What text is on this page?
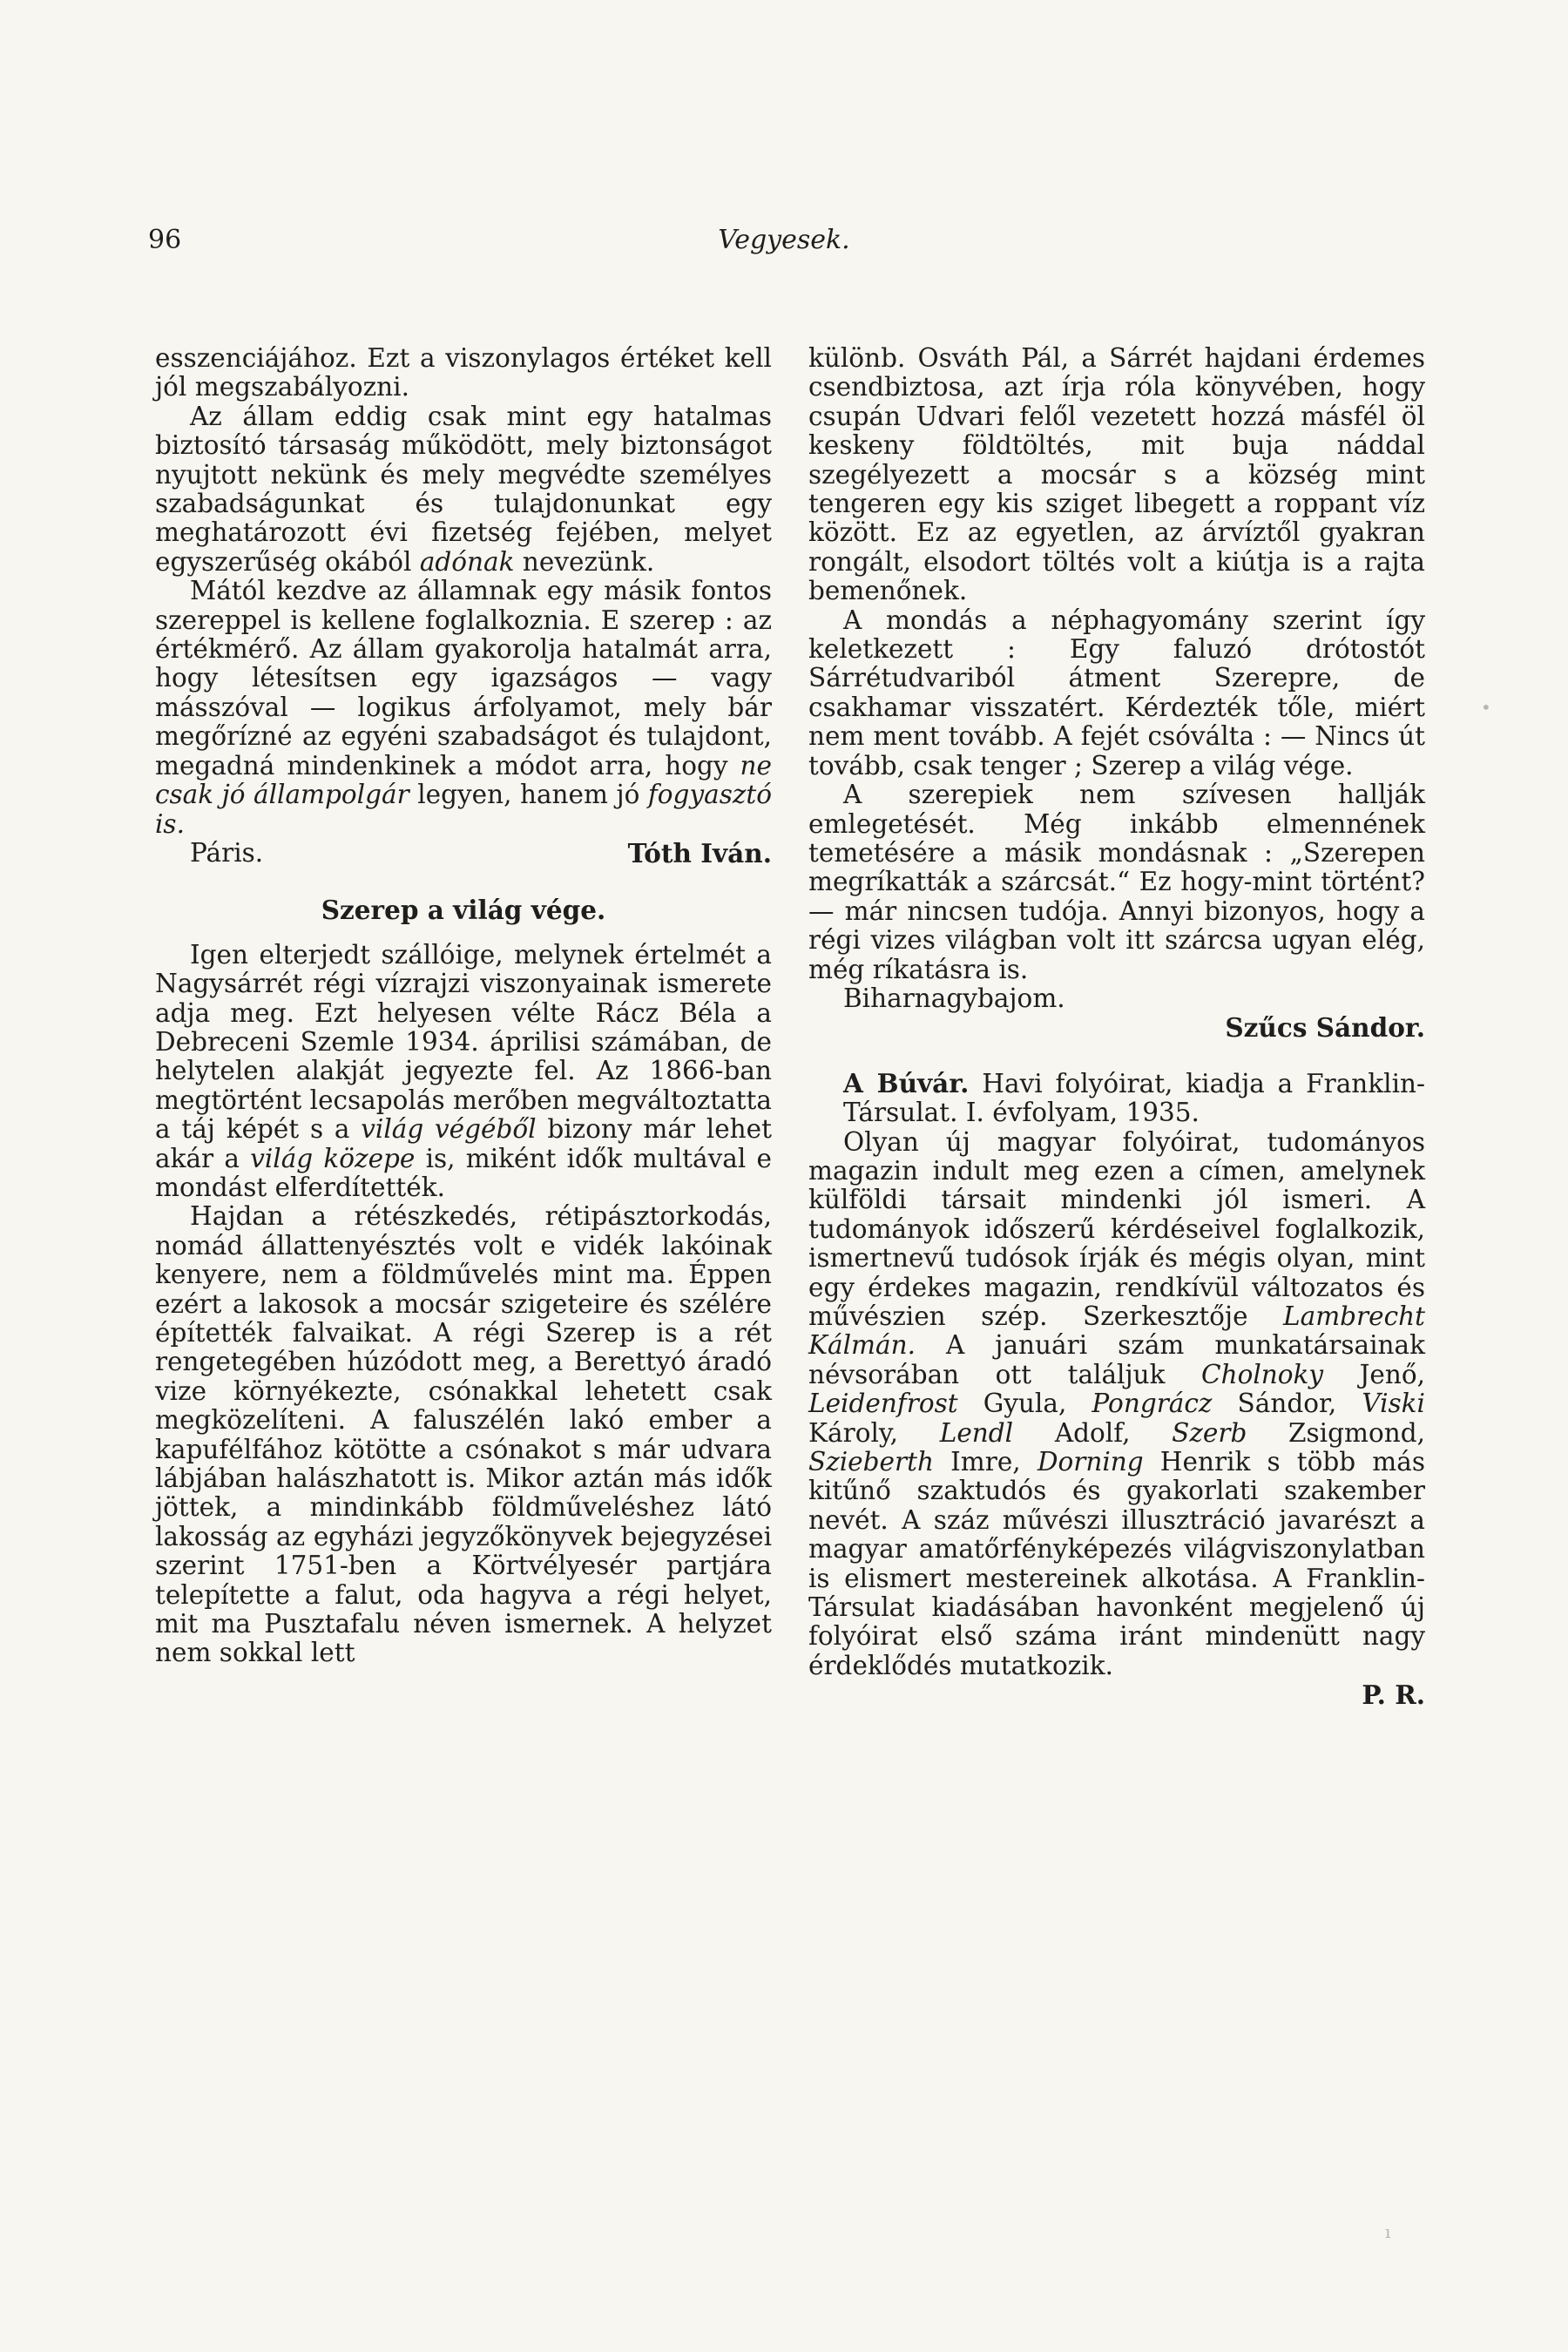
96	Vegyesek.

esszenciájához. Ezt a viszonylagos értéket kell jól megszabályozni.

Az állam eddig csak mint egy hatalmas biztosító társaság működött, mely biztonságot nyujtott nekünk és mely megvédte személyes szabadságunkat és tulajdonunkat egy meghatározott évi fizetség fejében, melyet egyszerűség okából adónak nevezünk.

Mától kezdve az államnak egy másik fontos szereppel is kellene foglalkoznia. E szerep : az értékmérő. Az állam gyakorolja hatalmát arra, hogy létesítsen egy igazságos — vagy másszóval — logikus árfolyamot, mely bár megőrízné az egyéni szabadságot és tulajdont, megadná mindenkinek a módot arra, hogy ne csak jó állampolgár legyen, hanem jó fogyasztó is.

Páris.	Tóth Iván.
Szerep a világ vége.

Igen elterjedt szállóige, melynek értelmét a Nagysárrét régi vízrajzi viszonyainak ismerete adja meg. Ezt helyesen vélte Rácz Béla a Debreceni Szemle 1934. áprilisi számában, de helytelen alakját jegyezte fel. Az 1866-ban megtörtént lecsapolás merőben megváltoztatta a táj képét s a világ végéből bizony már lehet akár a világ közepe is, miként idők multával e mondást elferdítették.

Hajdan a rétészkedés, rétipásztorkodás, nomád állattenyésztés volt e vidék lakóinak kenyere, nem a földművelés mint ma. Éppen ezért a lakosok a mocsár szigeteire és szélére építették falvaikat. A régi Szerep is a rét rengetegében húzódott meg, a Berettyó áradó vize környékezte, csónakkal lehetett csak megközelíteni. A faluszélén lakó ember a kapufélfához kötötte a csónakot s már udvara lábjában halászhatott is. Mikor aztán más idők jöttek, a mindinkább földműveléshez látó lakosság az egyházi jegyzőkönyvek bejegyzései szerint 1751-ben a Körtvélyesér partjára telepítette a falut, oda hagyva a régi helyet, mit ma Pusztafalu néven ismernek. A helyzet nem sokkal lett

különb. Osváth Pál, a Sárrét hajdani érdemes csendbiztosa, azt írja róla könyvében, hogy csupán Udvari felől vezetett hozzá másfél öl keskeny földtöltés, mit buja náddal szegélyezett a mocsár s a község mint tengeren egy kis sziget libegett a roppant víz között. Ez az egyetlen, az árvíztől gyakran rongált, elsodort töltés volt a kiútja is a rajta bemenőnek.

A mondás a néphagyomány szerint így keletkezett : Egy faluzó drótostót Sárrétudvariból átment Szerepre, de csakhamar visszatért. Kérdezték tőle, miért nem ment tovább. A fejét csóválta : — Nincs út tovább, csak tenger ; Szerep a világ vége.

A szerepiek nem szívesen hallják emlegetését. Még inkább elmennének temetésére a másik mondásnak : „Szerepen megríkatták a szárcsát.“ Ez hogy-mint történt? — már nincsen tudója. Annyi bizonyos, hogy a régi vizes világban volt itt szárcsa ugyan elég, még ríkatásra is.

Biharnagybajom.

Szűcs Sándor.

A Búvár. Havi folyóirat, kiadja a Franklin-Társulat. I. évfolyam, 1935.

Olyan új magyar folyóirat, tudományos magazin indult meg ezen a címen, amelynek külföldi társait mindenki jól ismeri. A tudományok időszerű kérdéseivel foglalkozik, ismertnevű tudósok írják és mégis olyan, mint egy érdekes magazin, rendkívül változatos és művészien szép. Szerkesztője Lambrecht Kálmán. A januári szám munkatársainak névsorában ott találjuk Cholnoky Jenő, Leidenfrost Gyula, Pongrácz Sándor, Viski Károly, Lendl Adolf, Szerb Zsigmond, Szieberth Imre, Dorning Henrik s több más kitűnő szaktudós és gyakorlati szakember nevét. A száz művészi illusztráció javarészt a magyar amatőrfényképezés világviszonylatban is elismert mestereinek alkotása. A Franklin-Társulat kiadásában havonként megjelenő új folyóirat első száma iránt mindenütt nagy érdeklődés mutatkozik.

P. R.
•
ı
